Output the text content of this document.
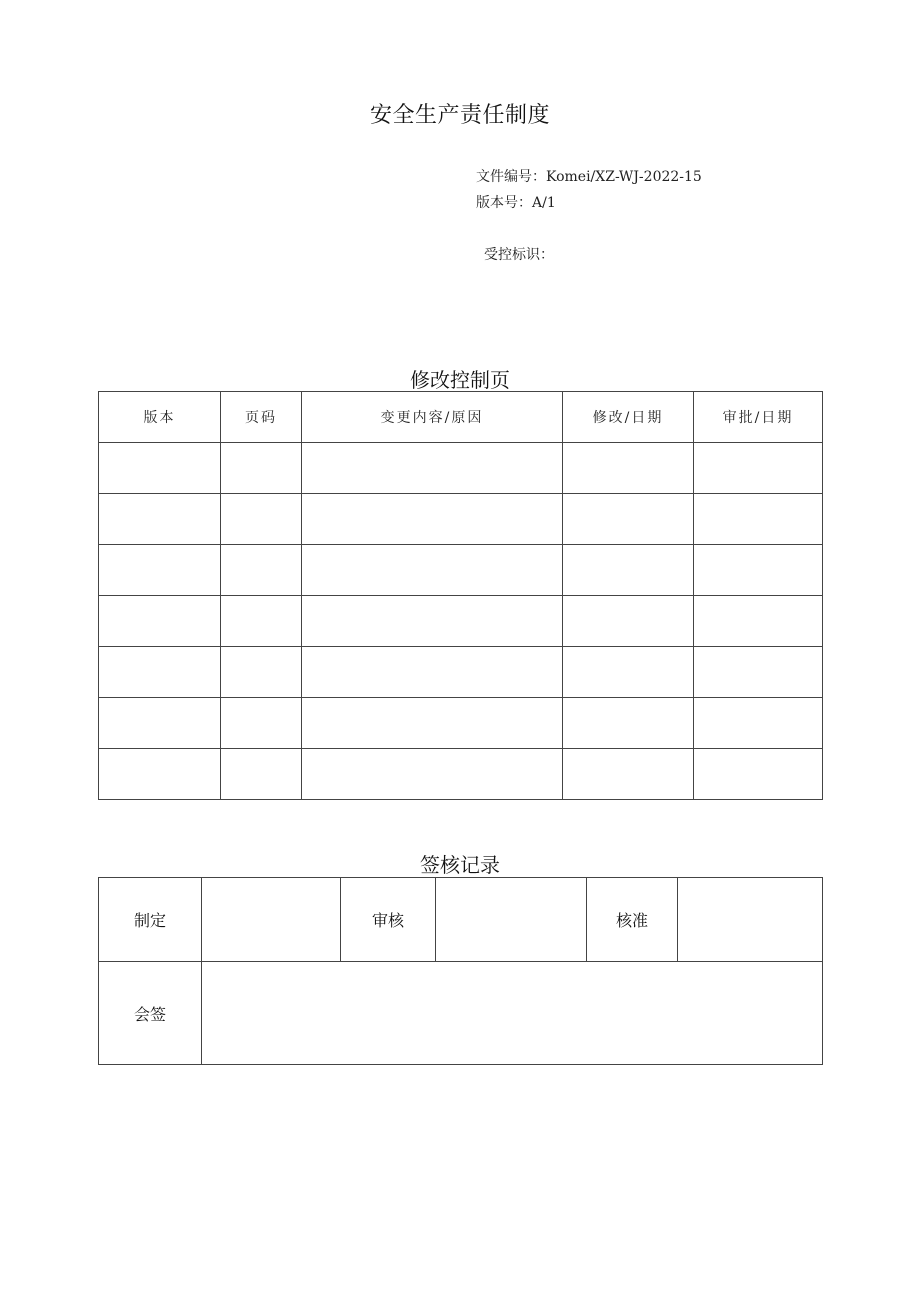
安全生产责任制度
文件编号：Komei/XZ-WJ-2022-15
版本号：A/1
受控标识：
修改控制页
版本	页码	变更内容/原因	修改/日期	审批/日期

签核记录
制定		审核		核准	
会签					
